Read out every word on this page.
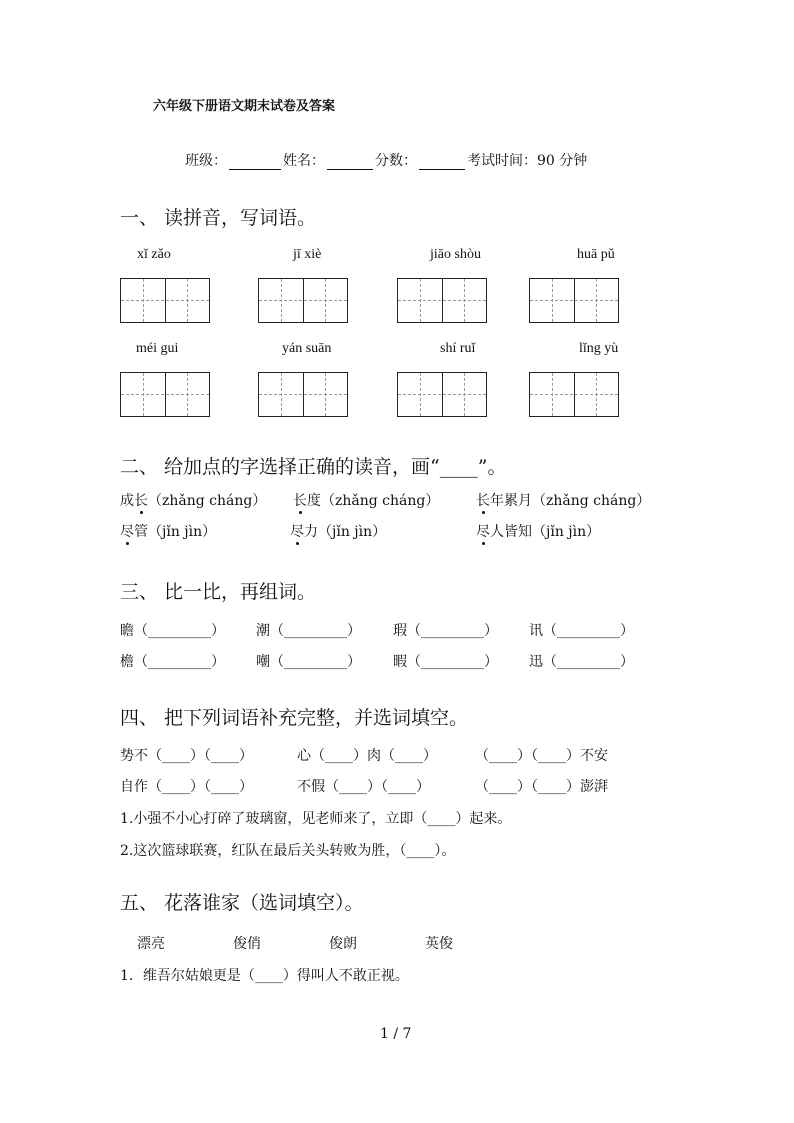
六年级下册语文期末试卷及答案
班级：	姓名：	分数：	考试时间：90 分钟
一、 读拼音，写词语。
xǐ zǎo	jī xiè	jiāo shòu	huā pǔ
méi gui	yán suān	shí ruǐ	lǐng yù
二、 给加点的字选择正确的读音，画“____”。
成长（zhǎng cháng） 长度（zhǎng cháng）	长年累月（zhǎng cháng）
尽管（jǐn jìn）	尽力（jǐn jìn）	尽人皆知（jǐn jìn）
三、 比一比，再组词。
瞻（_________） 潮（_________） 瑕（_________） 讯（_________）
檐（_________） 嘲（_________） 暇（_________） 迅（_________）
四、 把下列词语补充完整，并选词填空。
势不（____）（____）	心（____）肉（____）	（____）（____）不安
自作（____）（____）	不假（____）（____）	（____）（____）澎湃
1.小强不小心打碎了玻璃窗，见老师来了，立即（____）起来。
2.这次篮球联赛，红队在最后关头转败为胜，（____）。
五、 花落谁家（选词填空）。
漂亮	俊俏	俊朗	英俊
1．维吾尔姑娘更是（____）得叫人不敢正视。
1 / 7
